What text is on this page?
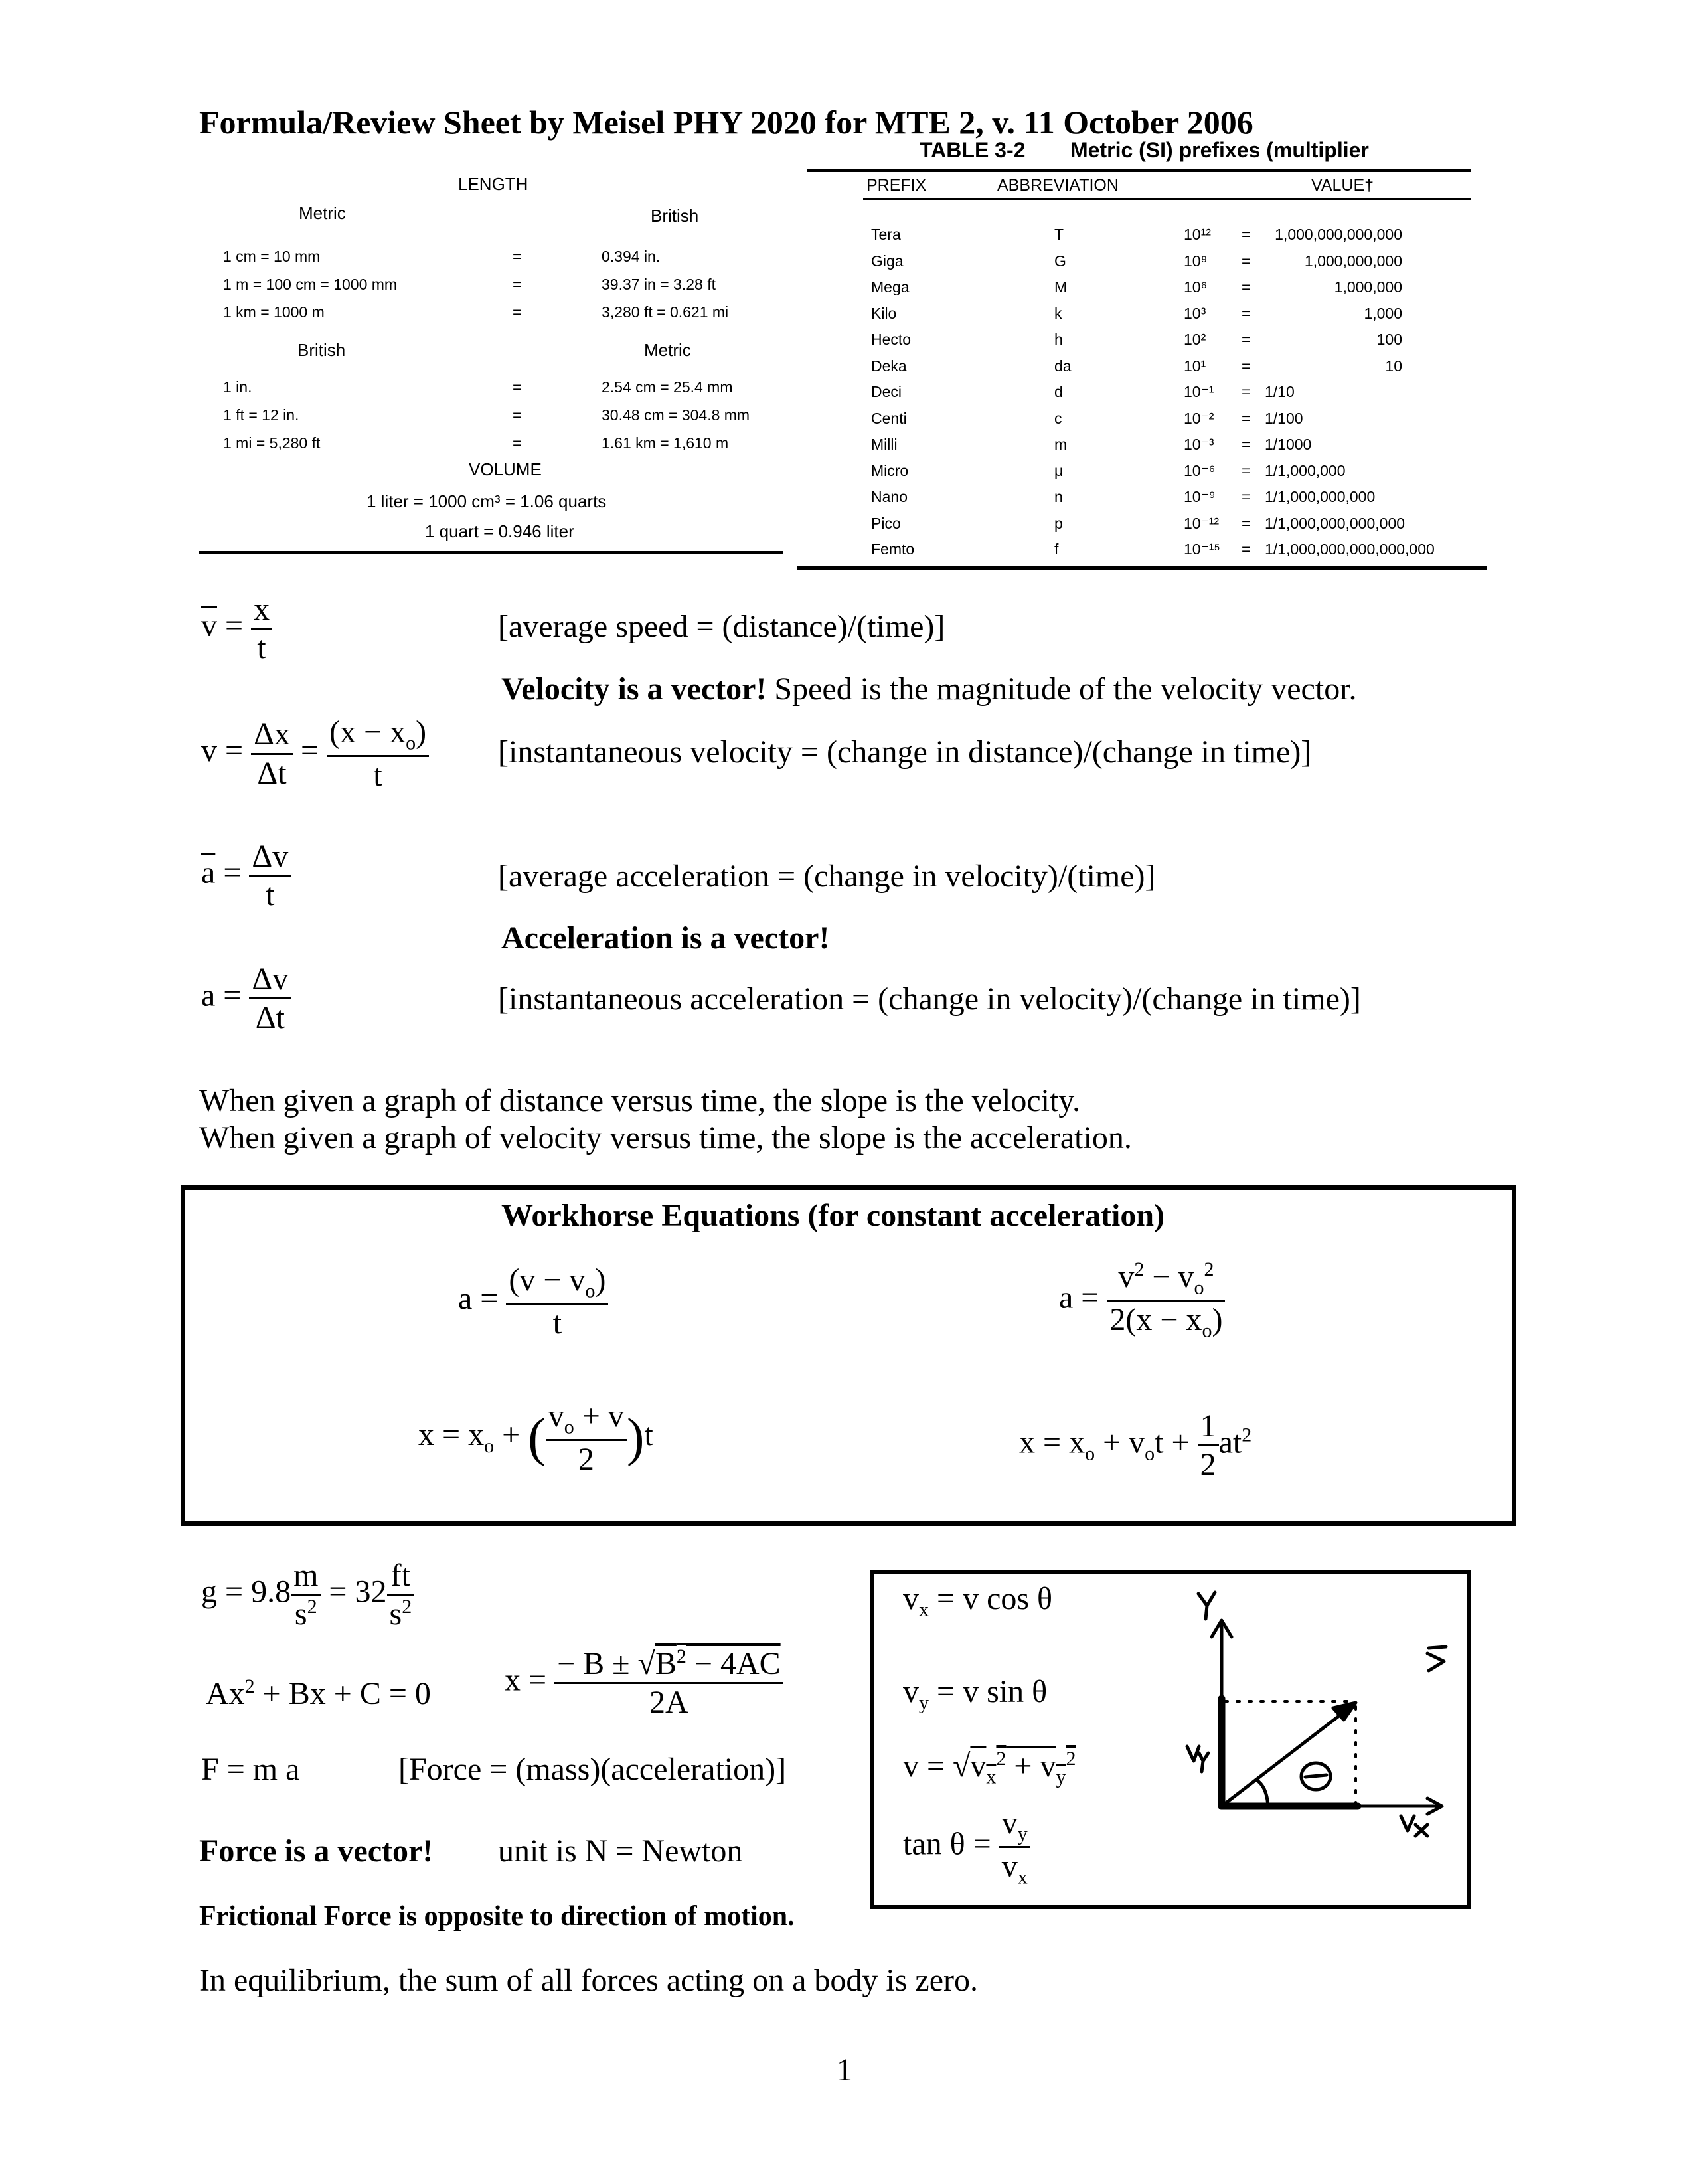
Formula/Review Sheet by Meisel PHY 2020 for MTE 2, v. 11 October 2006
LENGTH
Metric	British
1 cm = 10 mm	=	0.394 in.
1 m = 100 cm = 1000 mm	=	39.37 in = 3.28 ft
1 km = 1000 m	=	3,280 ft = 0.621 mi
British	Metric
1 in.	=	2.54 cm = 25.4 mm
1 ft = 12 in.	=	30.48 cm = 304.8 mm
1 mi = 5,280 ft	=	1.61 km = 1,610 m
VOLUME
1 liter = 1000 cm³ = 1.06 quarts
1 quart = 0.946 liter
TABLE 3-2 Metric (SI) prefixes (multiplier
PREFIX	ABBREVIATION	VALUE†
Tera	T	10¹² = 1,000,000,000,000
Giga	G	10⁹ =	1,000,000,000
Mega	M	10⁶ =	1,000,000
Kilo	k	10³ =	1,000
Hecto	h	10² =	100
Deka	da	10¹ =	10
Deci	d	10⁻¹ = 1/10
Centi	c	10⁻² = 1/100
Milli	m	10⁻³ = 1/1000
Micro	μ	10⁻⁶ = 1/1,000,000
Nano	n	10⁻⁹ = 1/1,000,000,000
Pico	p	10⁻¹² = 1/1,000,000,000,000
Femto	f	10⁻¹⁵ = 1/1,000,000,000,000,000
$\overline{v} = \frac{x}{t}$	[average speed = (distance)/(time)]
Velocity is a vector! Speed is the magnitude of the velocity vector.
$v = \frac{\Delta x}{\Delta t} = \frac{(x - x_o)}{t}$ [instantaneous velocity = (change in distance)/(change in time)]
$\overline{a} = \frac{\Delta v}{t}$	[average acceleration = (change in velocity)/(time)]
Acceleration is a vector!
$a = \frac{\Delta v}{\Delta t}$	[instantaneous acceleration = (change in velocity)/(change in time)]
When given a graph of distance versus time, the slope is the velocity.
When given a graph of velocity versus time, the slope is the acceleration.
Workhorse Equations (for constant acceleration)
$a = \frac{(v - v_o)}{t}$	$a = \frac{v^2 - v_o^2}{2(x - x_o)}$
$x = x_o$ + ( $\frac{v_o + v}{2} )t$	$x = x_o + v_ot + \frac{1}{2} at^2$
$g = 9.8 \frac{m}{s^2} = 32 \frac{ft}{s^2}$
$Ax^2 + Bx + C = 0$ $x = \frac{- B \pm √B^2 - 4AC}{2A}$
F = m a	[Force = (mass)(acceleration)]
Force is a vector! unit is N = Newton
Frictional Force is opposite to direction of motion.
In equilibrium, the sum of all forces acting on a body is zero.
$v_x = v$ cos θ
$v_y = v$ sin θ
$v = √v_x^2 + v_y^2$
$\tan \theta = \frac{v_y}{v_x}$
1
